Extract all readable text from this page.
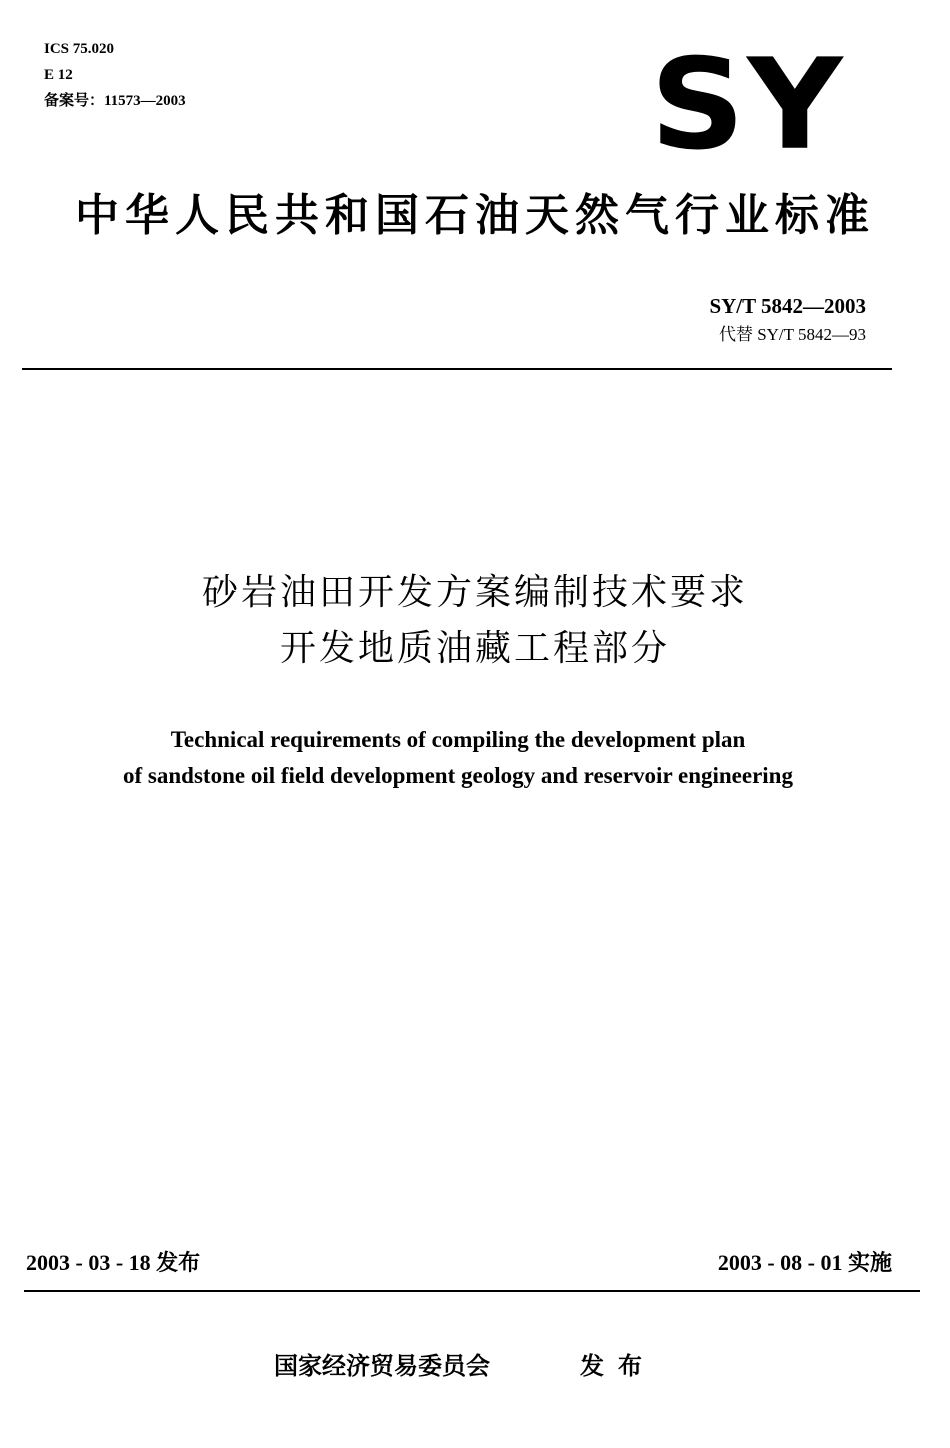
ICS 75.020
E 12
备案号：11573—2003	SY
中华人民共和国石油天然气行业标准
SY/T 5842—2003
代替 SY/T 5842—93
砂岩油田开发方案编制技术要求
开发地质油藏工程部分
Technical requirements of compiling the development plan
of sandstone oil field development geology and reservoir engineering
2003 - 03 - 18 发布	2003 - 08 - 01 实施
国家经济贸易委员会	发布
